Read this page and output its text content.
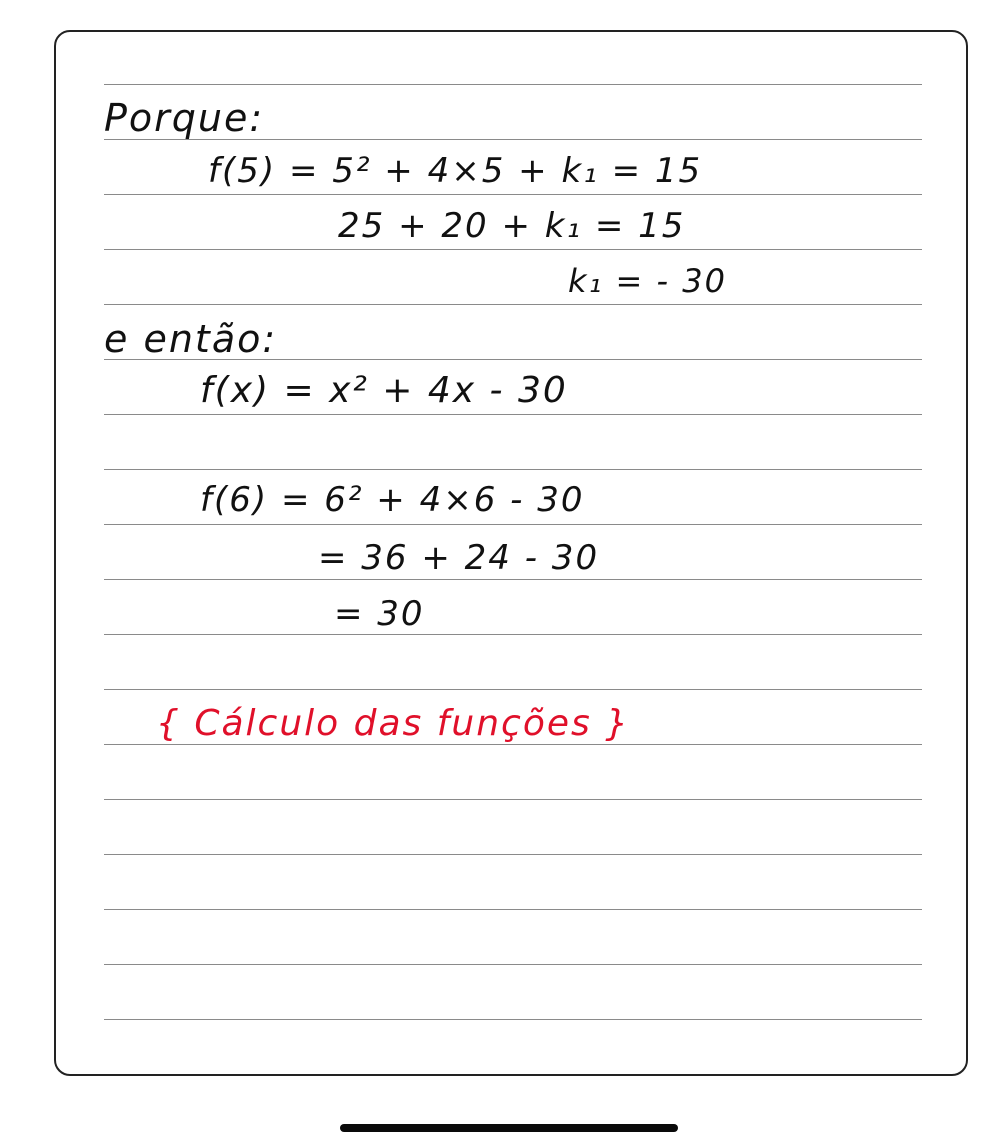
Porque:
f(5) = 5² + 4×5 + k₁ = 15
25 + 20 + k₁ = 15
k₁ = - 30
e então:
f(x) = x² + 4x - 30
f(6) = 6² + 4×6 - 30
= 36 + 24 - 30
= 30
{ Cálculo das funções }
